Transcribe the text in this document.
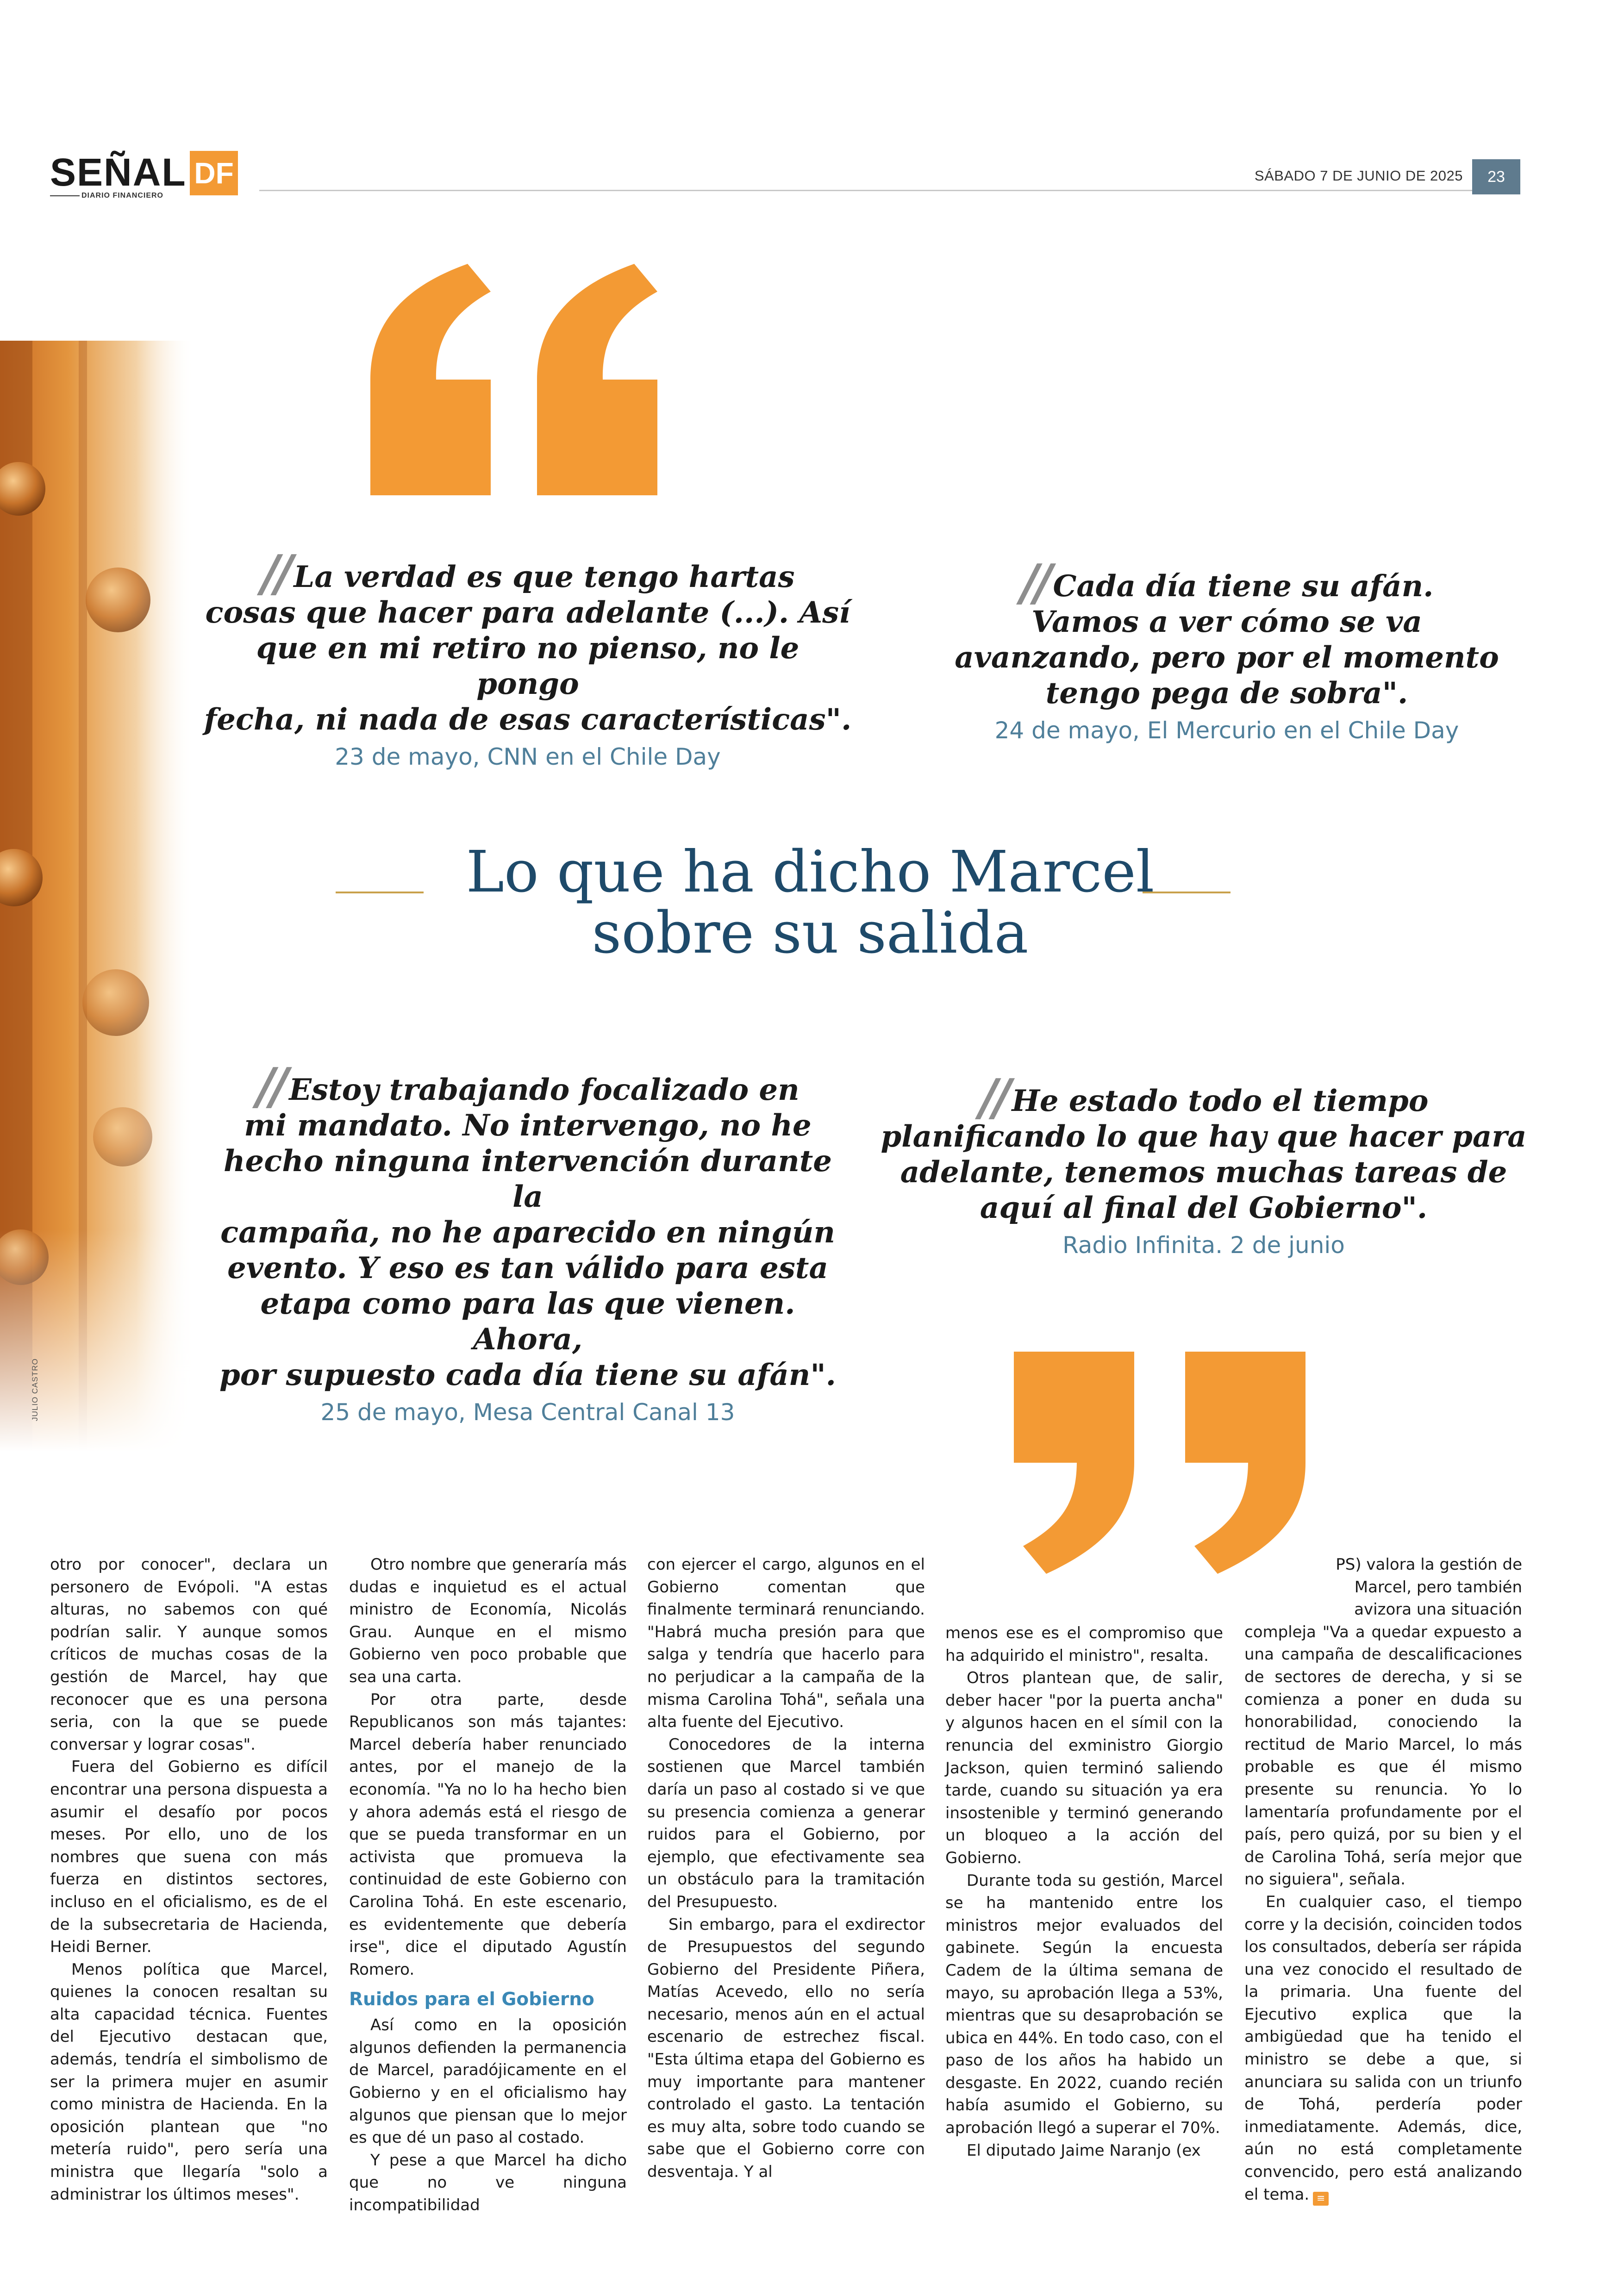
SEÑAL DF
DIARIO FINANCIERO
SÁBADO 7 DE JUNIO DE 2025	23
JULIO CASTRO
// La verdad es que tengo hartas
cosas que hacer para adelante (...). Así
que en mi retiro no pienso, no le pongo
fecha, ni nada de esas características".
23 de mayo, CNN en el Chile Day
// Cada día tiene su afán.
Vamos a ver cómo se va
avanzando, pero por el momento
tengo pega de sobra".
24 de mayo, El Mercurio en el Chile Day
Lo que ha dicho Marcel
sobre su salida
// Estoy trabajando focalizado en
mi mandato. No intervengo, no he
hecho ninguna intervención durante la
campaña, no he aparecido en ningún
evento. Y eso es tan válido para esta
etapa como para las que vienen. Ahora,
por supuesto cada día tiene su afán".
25 de mayo, Mesa Central Canal 13
// He estado todo el tiempo
planificando lo que hay que hacer para
adelante, tenemos muchas tareas de
aquí al final del Gobierno".
Radio Infinita. 2 de junio

otro por conocer", declara un personero de Evópoli. "A estas alturas, no sabemos con qué podrían salir. Y aunque somos críticos de muchas cosas de la gestión de Marcel, hay que reconocer que es una persona seria, con la que se puede conversar y lograr cosas".

Fuera del Gobierno es difícil encontrar una persona dispuesta a asumir el desafío por pocos meses. Por ello, uno de los nombres que suena con más fuerza en distintos sectores, incluso en el oficialismo, es de el de la subsecretaria de Hacienda, Heidi Berner.

Menos política que Marcel, quienes la conocen resaltan su alta capacidad técnica. Fuentes del Ejecutivo destacan que, además, tendría el simbolismo de ser la primera mujer en asumir como ministra de Hacienda. En la oposición plantean que "no metería ruido", pero sería una ministra que llegaría "solo a administrar los últimos meses".

Otro nombre que generaría más dudas e inquietud es el actual ministro de Economía, Nicolás Grau. Aunque en el mismo Gobierno ven poco probable que sea una carta.

Por otra parte, desde Republicanos son más tajantes: Marcel debería haber renunciado antes, por el manejo de la economía. "Ya no lo ha hecho bien y ahora además está el riesgo de que se pueda transformar en un activista que promueva la continuidad de este Gobierno con Carolina Tohá. En este escenario, es evidentemente que debería irse", dice el diputado Agustín Romero.

Ruidos para el Gobierno

Así como en la oposición algunos defienden la permanencia de Marcel, paradójicamente en el Gobierno y en el oficialismo hay algunos que piensan que lo mejor es que dé un paso al costado.

Y pese a que Marcel ha dicho que no ve ninguna incompatibilidad

con ejercer el cargo, algunos en el Gobierno comentan que finalmente terminará renunciando. "Habrá mucha presión para que salga y tendría que hacerlo para no perjudicar a la campaña de la misma Carolina Tohá", señala una alta fuente del Ejecutivo.

Conocedores de la interna sostienen que Marcel también daría un paso al costado si ve que su presencia comienza a generar ruidos para el Gobierno, por ejemplo, que efectivamente sea un obstáculo para la tramitación del Presupuesto.

Sin embargo, para el exdirector de Presupuestos del segundo Gobierno del Presidente Piñera, Matías Acevedo, ello no sería necesario, menos aún en el actual escenario de estrechez fiscal. "Esta última etapa del Gobierno es muy importante para mantener controlado el gasto. La tentación es muy alta, sobre todo cuando se sabe que el Gobierno corre con desventaja. Y al

menos ese es el compromiso que ha adquirido el ministro", resalta.

Otros plantean que, de salir, deber hacer "por la puerta ancha" y algunos hacen en el símil con la renuncia del exministro Giorgio Jackson, quien terminó saliendo tarde, cuando su situación ya era insostenible y terminó generando un bloqueo a la acción del Gobierno.

Durante toda su gestión, Marcel se ha mantenido entre los ministros mejor evaluados del gabinete. Según la encuesta Cadem de la última semana de mayo, su aprobación llega a 53%, mientras que su desaprobación se ubica en 44%. En todo caso, con el paso de los años ha habido un desgaste. En 2022, cuando recién había asumido el Gobierno, su aprobación llegó a superar el 70%.

El diputado Jaime Naranjo (ex

PS) valora la gestión de

Marcel, pero también

avizora una situación

compleja "Va a quedar expuesto a una campaña de descalificaciones de sectores de derecha, y si se comienza a poner en duda su honorabilidad, conociendo la rectitud de Mario Marcel, lo más probable es que él mismo presente su renuncia. Yo lo lamentaría profundamente por el país, pero quizá, por su bien y el de Carolina Tohá, sería mejor que no siguiera", señala.

En cualquier caso, el tiempo corre y la decisión, coinciden todos los consultados, debería ser rápida una vez conocido el resultado de la primaria. Una fuente del Ejecutivo explica que la ambigüedad que ha tenido el ministro se debe a que, si anunciara su salida con un triunfo de Tohá, perdería poder inmediatamente. Además, dice, aún no está completamente convencido, pero está analizando el tema. ≡
